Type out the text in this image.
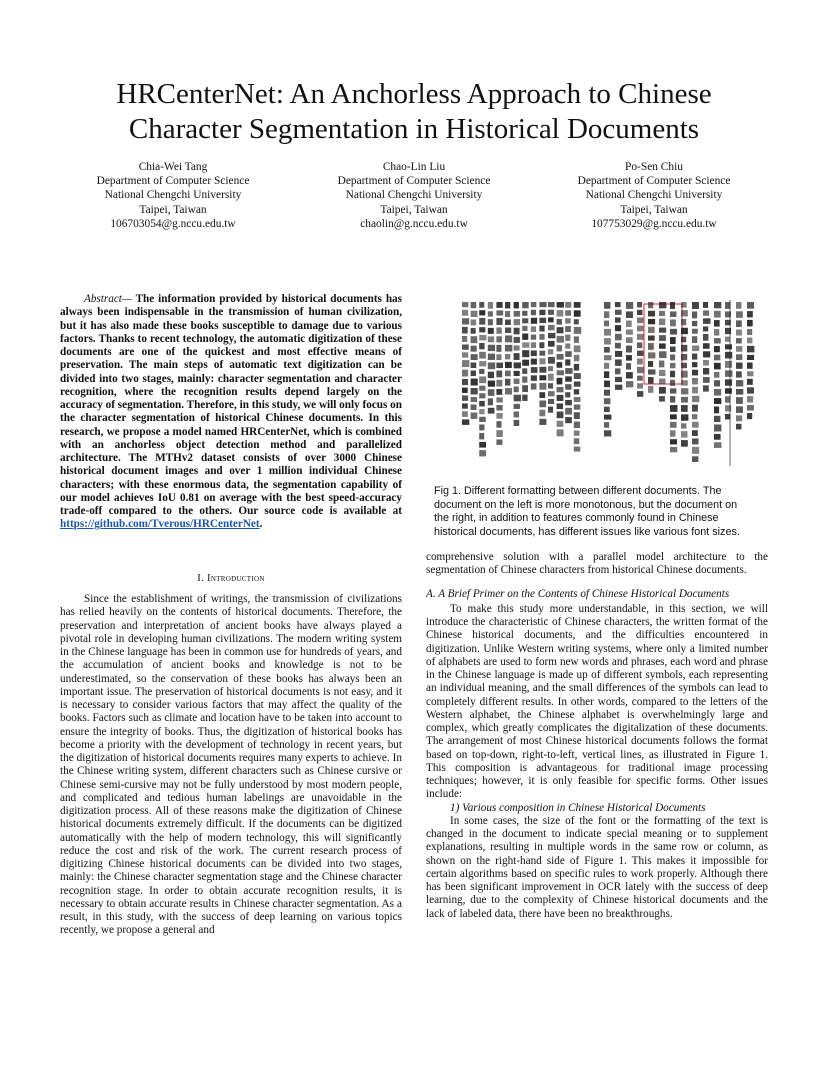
HRCenterNet: An Anchorless Approach to Chinese
Character Segmentation in Historical Documents
Chia-Wei Tang
Department of Computer Science
National Chengchi University
Taipei, Taiwan
106703054@g.nccu.edu.tw
Chao-Lin Liu
Department of Computer Science
National Chengchi University
Taipei, Taiwan
chaolin@g.nccu.edu.tw
Po-Sen Chiu
Department of Computer Science
National Chengchi University
Taipei, Taiwan
107753029@g.nccu.edu.tw

Abstract— The information provided by historical documents has always been indispensable in the transmission of human civilization, but it has also made these books susceptible to damage due to various factors. Thanks to recent technology, the automatic digitization of these documents are one of the quickest and most effective means of preservation. The main steps of automatic text digitization can be divided into two stages, mainly: character segmentation and character recognition, where the recognition results depend largely on the accuracy of segmentation. Therefore, in this study, we will only focus on the character segmentation of historical Chinese documents. In this research, we propose a model named HRCenterNet, which is combined with an anchorless object detection method and parallelized architecture. The MTHv2 dataset consists of over 3000 Chinese historical document images and over 1 million individual Chinese characters; with these enormous data, the segmentation capability of our model achieves IoU 0.81 on average with the best speed-accuracy trade-off compared to the others. Our source code is available at https://github.com/Tverous/HRCenterNet.

I. Introduction

Since the establishment of writings, the transmission of civilizations has relied heavily on the contents of historical documents. Therefore, the preservation and interpretation of ancient books have always played a pivotal role in developing human civilizations. The modern writing system in the Chinese language has been in common use for hundreds of years, and the accumulation of ancient books and knowledge is not to be underestimated, so the conservation of these books has always been an important issue. The preservation of historical documents is not easy, and it is necessary to consider various factors that may affect the quality of the books. Factors such as climate and location have to be taken into account to ensure the integrity of books. Thus, the digitization of historical books has become a priority with the development of technology in recent years, but the digitization of historical documents requires many experts to achieve. In the Chinese writing system, different characters such as Chinese cursive or Chinese semi-cursive may not be fully understood by most modern people, and complicated and tedious human labelings are unavoidable in the digitization process. All of these reasons make the digitization of Chinese historical documents extremely difficult. If the documents can be digitized automatically with the help of modern technology, this will significantly reduce the cost and risk of the work. The current research process of digitizing Chinese historical documents can be divided into two stages, mainly: the Chinese character segmentation stage and the Chinese character recognition stage. In order to obtain accurate recognition results, it is necessary to obtain accurate results in Chinese character segmentation. As a result, in this study, with the success of deep learning on various topics recently, we propose a general and

Fig 1. Different formatting between different documents. The document on the left is more monotonous, but the document on the right, in addition to features commonly found in Chinese historical documents, has different issues like various font sizes.

comprehensive solution with a parallel model architecture to the segmentation of Chinese characters from historical Chinese documents.

A. A Brief Primer on the Contents of Chinese Historical Documents

To make this study more understandable, in this section, we will introduce the characteristic of Chinese characters, the written format of the Chinese historical documents, and the difficulties encountered in digitization. Unlike Western writing systems, where only a limited number of alphabets are used to form new words and phrases, each word and phrase in the Chinese language is made up of different symbols, each representing an individual meaning, and the small differences of the symbols can lead to completely different results. In other words, compared to the letters of the Western alphabet, the Chinese alphabet is overwhelmingly large and complex, which greatly complicates the digitalization of these documents. The arrangement of most Chinese historical documents follows the format based on top-down, right-to-left, vertical lines, as illustrated in Figure 1. This composition is advantageous for traditional image processing techniques; however, it is only feasible for specific forms. Other issues include:

1) Various composition in Chinese Historical Documents

In some cases, the size of the font or the formatting of the text is changed in the document to indicate special meaning or to supplement explanations, resulting in multiple words in the same row or column, as shown on the right-hand side of Figure 1. This makes it impossible for certain algorithms based on specific rules to work properly. Although there has been significant improvement in OCR lately with the success of deep learning, due to the complexity of Chinese historical documents and the lack of labeled data, there have been no breakthroughs.
